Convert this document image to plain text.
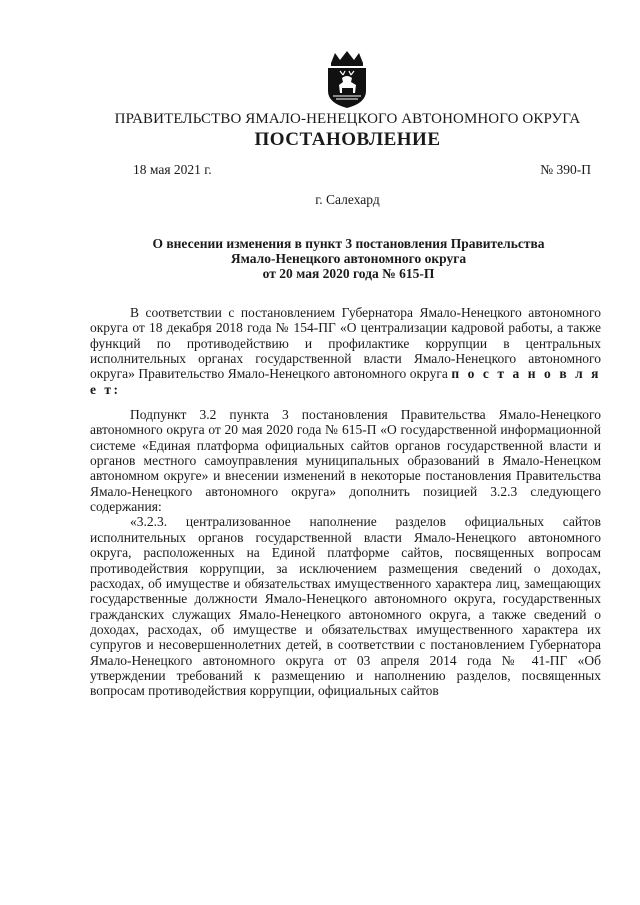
ПРАВИТЕЛЬСТВО ЯМАЛО-НЕНЕЦКОГО АВТОНОМНОГО ОКРУГА
ПОСТАНОВЛЕНИЕ
18 мая 2021 г.	№ 390-П
г. Салехард
О внесении изменения в пункт 3 постановления Правительства
Ямало-Ненецкого автономного округа
от 20 мая 2020 года № 615-П

В соответствии с постановлением Губернатора Ямало-Ненецкого автономного округа от 18 декабря 2018 года № 154-ПГ «О централизации кадровой работы, а также функций по противодействию и профилактике коррупции в центральных исполнительных органах государственной власти Ямало-Ненецкого автономного округа» Правительство Ямало-Ненецкого автономного округа п о с т а н о в л я е т:

Подпункт 3.2 пункта 3 постановления Правительства Ямало-Ненецкого автономного округа от 20 мая 2020 года № 615-П «О государственной информационной системе «Единая платформа официальных сайтов органов государственной власти и органов местного самоуправления муниципальных образований в Ямало-Ненецком автономном округе» и внесении изменений в некоторые постановления Правительства Ямало-Ненецкого автономного округа» дополнить позицией 3.2.3 следующего содержания:

«3.2.3. централизованное наполнение разделов официальных сайтов исполнительных органов государственной власти Ямало-Ненецкого автономного округа, расположенных на Единой платформе сайтов, посвященных вопросам противодействия коррупции, за исключением размещения сведений о доходах, расходах, об имуществе и обязательствах имущественного характера лиц, замещающих государственные должности Ямало-Ненецкого автономного округа, государственных гражданских служащих Ямало-Ненецкого автономного округа, а также сведений о доходах, расходах, об имуществе и обязательствах имущественного характера их супругов и несовершеннолетних детей, в соответствии с постановлением Губернатора Ямало-Ненецкого автономного округа от 03 апреля 2014 года № 41-ПГ «Об утверждении требований к размещению и наполнению разделов, посвященных вопросам противодействия коррупции, официальных сайтов
